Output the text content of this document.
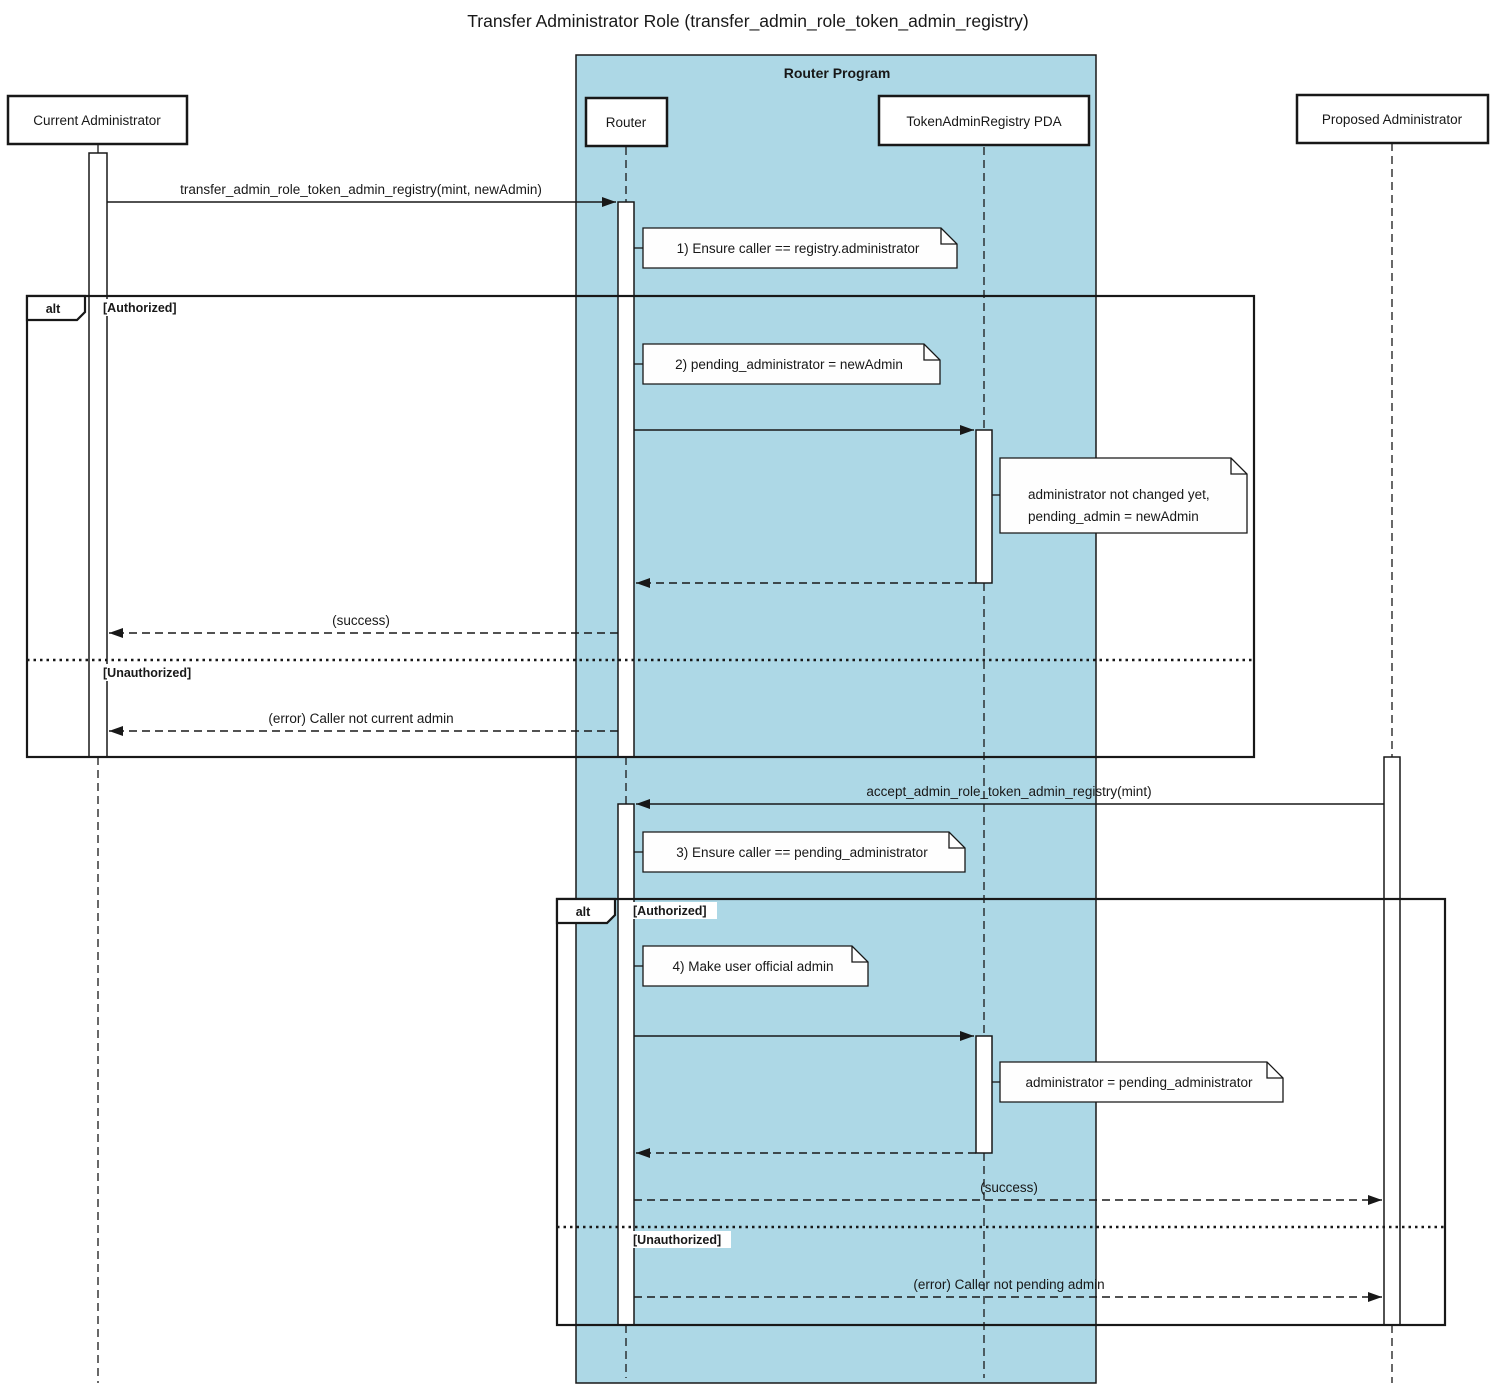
Transfer Administrator Role (transfer_admin_role_token_admin_registry)
Router Program
Current Administrator	Router	TokenAdminRegistry PDA	Proposed Administrator
transfer_admin_role_token_admin_registry(mint, newAdmin)
(success)
(error) Caller not current admin
accept_admin_role_token_admin_registry(mint)
(success)
(error) Caller not pending admin
1) Ensure caller == registry.administrator
2) pending_administrator = newAdmin
administrator not changed yet,
pending_admin = newAdmin
3) Ensure caller == pending_administrator
4) Make user official admin
administrator = pending_administrator
alt	[Authorized]
[Unauthorized]
alt	[Authorized]
[Unauthorized]
